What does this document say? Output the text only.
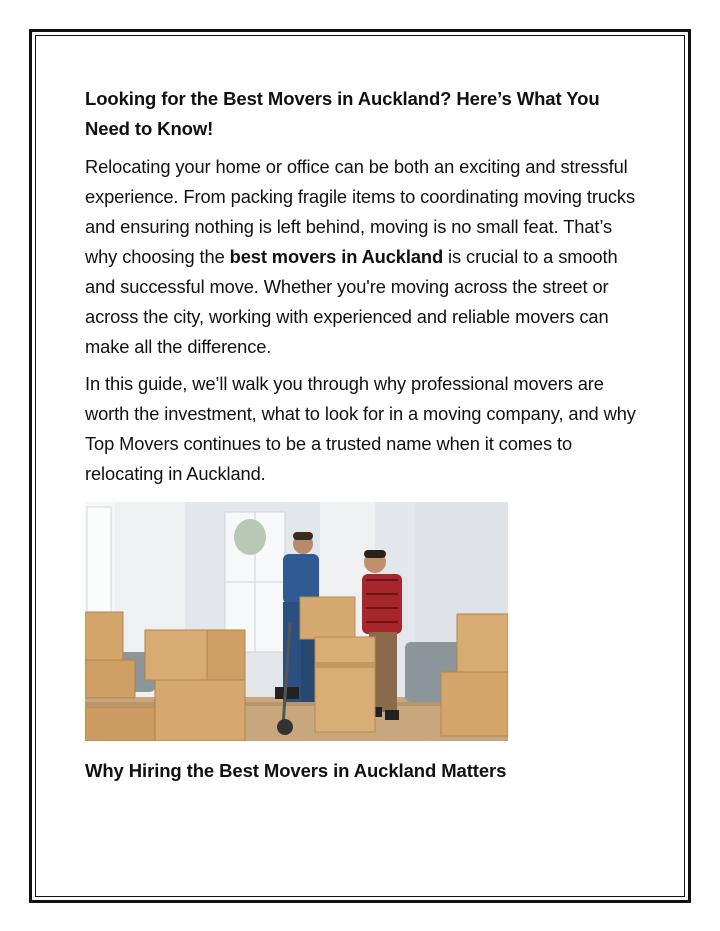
Looking for the Best Movers in Auckland? Here’s What You Need to Know!

Relocating your home or office can be both an exciting and stressful experience. From packing fragile items to coordinating moving trucks and ensuring nothing is left behind, moving is no small feat. That’s why choosing the best movers in Auckland is crucial to a smooth and successful move. Whether you're moving across the street or across the city, working with experienced and reliable movers can make all the difference.

In this guide, we’ll walk you through why professional movers are worth the investment, what to look for in a moving company, and why Top Movers continues to be a trusted name when it comes to relocating in Auckland.

Why Hiring the Best Movers in Auckland Matters
